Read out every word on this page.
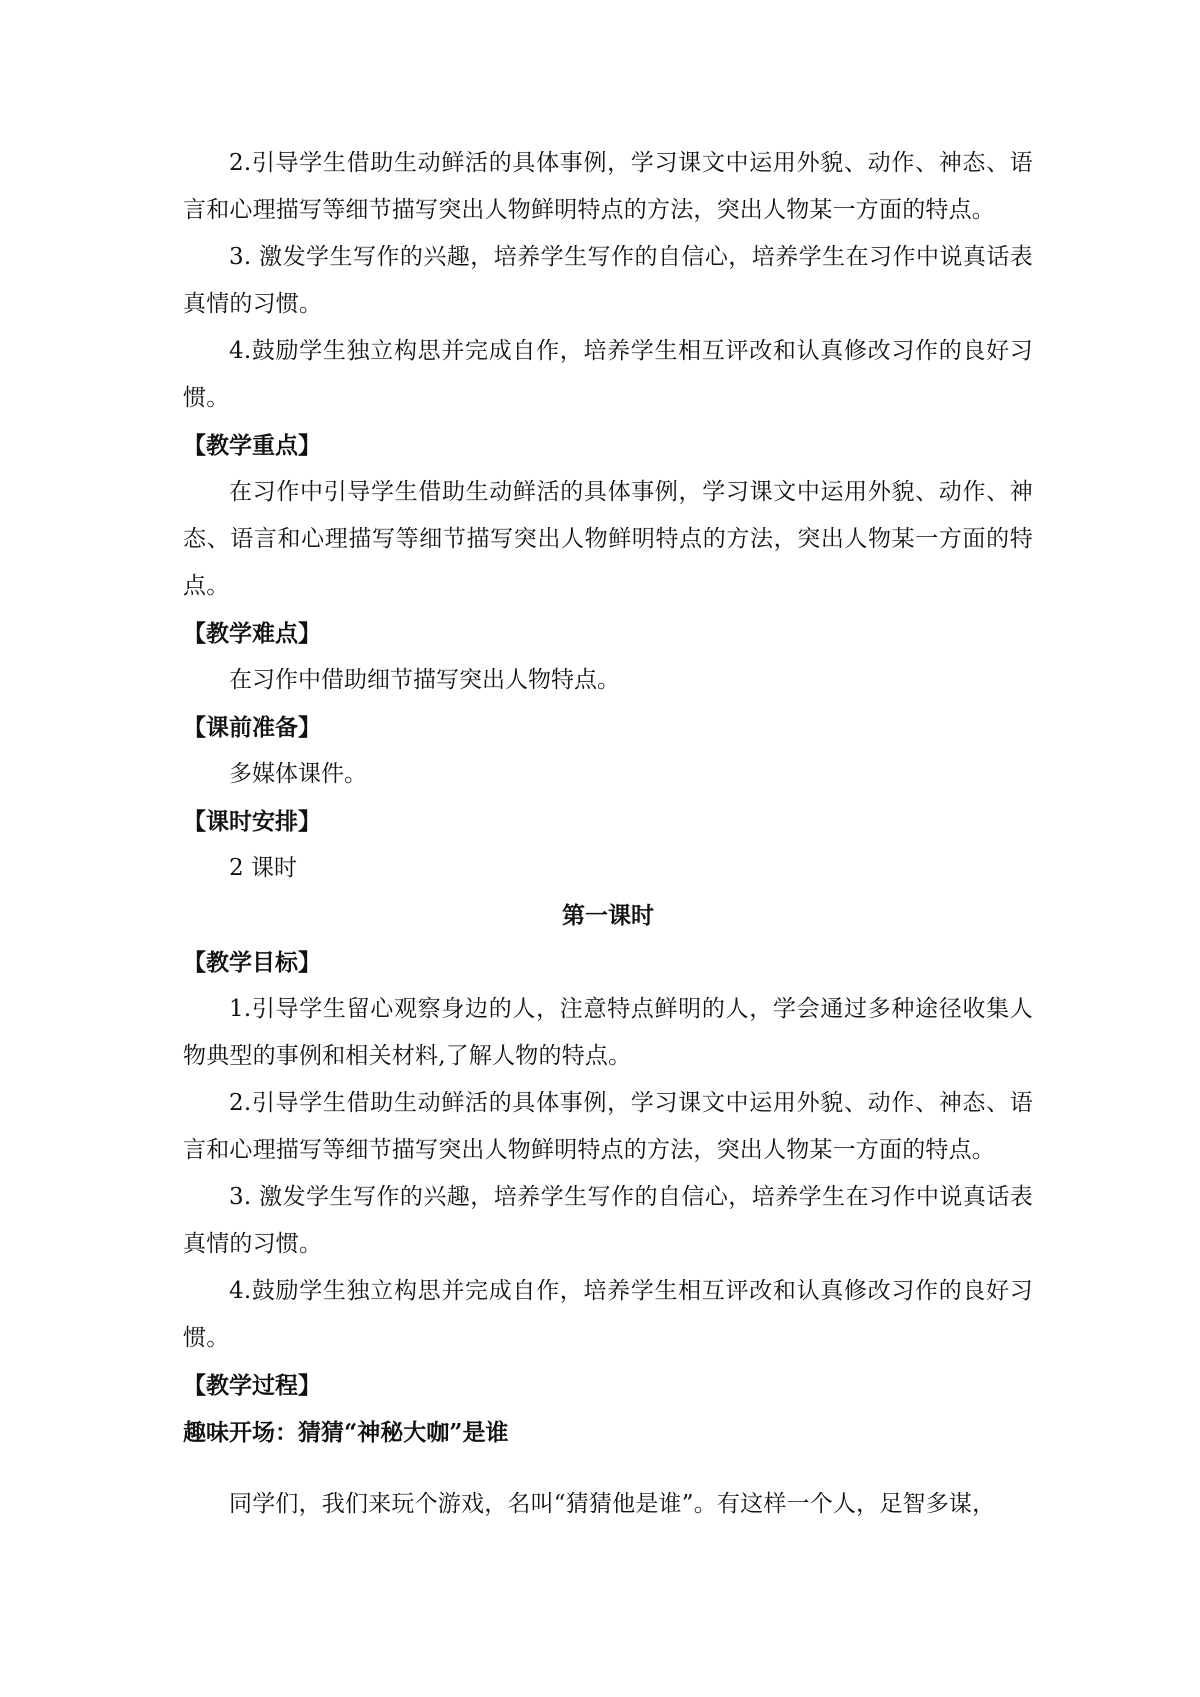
2.引导学生借助生动鲜活的具体事例，学习课文中运用外貌、动作、神态、语言和心理描写等细节描写突出人物鲜明特点的方法，突出人物某一方面的特点。

3. 激发学生写作的兴趣，培养学生写作的自信心，培养学生在习作中说真话表真情的习惯。

4.鼓励学生独立构思并完成自作，培养学生相互评改和认真修改习作的良好习惯。

【教学重点】

在习作中引导学生借助生动鲜活的具体事例，学习课文中运用外貌、动作、神态、语言和心理描写等细节描写突出人物鲜明特点的方法，突出人物某一方面的特点。

【教学难点】

在习作中借助细节描写突出人物特点。

【课前准备】

多媒体课件。

【课时安排】

2 课时

第一课时

【教学目标】

1.引导学生留心观察身边的人，注意特点鲜明的人，学会通过多种途径收集人物典型的事例和相关材料,了解人物的特点。

2.引导学生借助生动鲜活的具体事例，学习课文中运用外貌、动作、神态、语言和心理描写等细节描写突出人物鲜明特点的方法，突出人物某一方面的特点。

3. 激发学生写作的兴趣，培养学生写作的自信心，培养学生在习作中说真话表真情的习惯。

4.鼓励学生独立构思并完成自作，培养学生相互评改和认真修改习作的良好习惯。

【教学过程】

趣味开场：猜猜“神秘大咖”是谁

同学们，我们来玩个游戏，名叫“猜猜他是谁”。有这样一个人，足智多谋，
